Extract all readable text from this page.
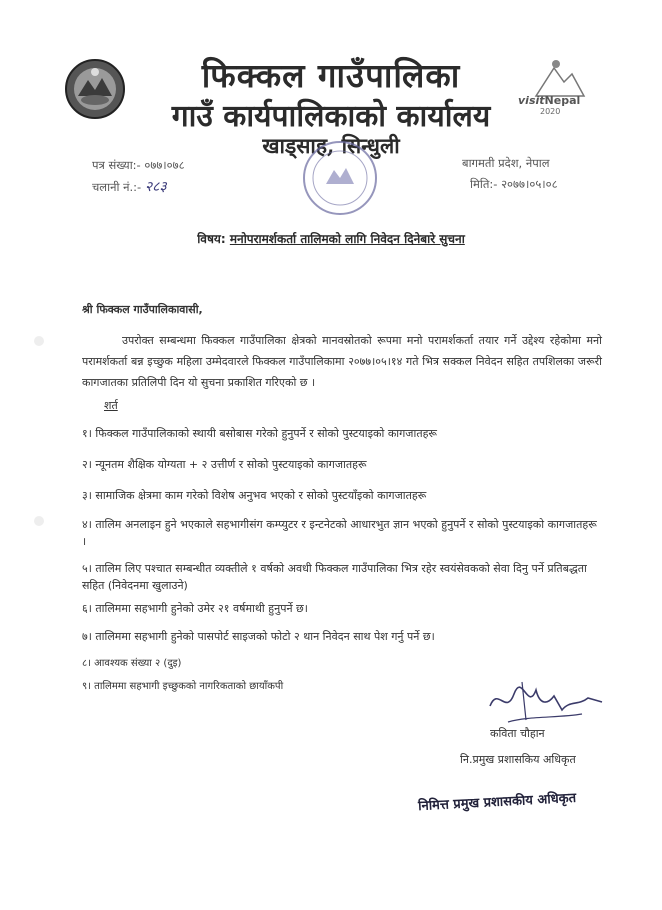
visitNepal
2020
फिक्कल गाउँपालिका
गाउँ कार्यपालिकाको कार्यालय
खाड्साह, सिन्धुली
पत्र संख्या:- ०७७।०७८
चलानी नं.:- २८३
बागमती प्रदेश, नेपाल
मिति:- २०७७।०५।०८
विषय: मनोपरामर्शकर्ता तालिमको लागि निवेदन दिनेबारे सुचना
श्री फिक्कल गाउँपालिकावासी,
उपरोक्त सम्बन्धमा फिक्कल गाउँपालिका क्षेत्रको मानवस्रोतको रूपमा मनो परामर्शकर्ता तयार गर्ने उद्देश्य रहेकोमा मनो परामर्शकर्ता बन्न इच्छुक महिला उम्मेदवारले फिक्कल गाउँपालिकामा २०७७।०५।१४ गते भित्र सक्कल निवेदन सहित तपशिलका जरूरी कागजातका प्रतिलिपी दिन यो सुचना प्रकाशित गरिएको छ ।
शर्त
१। फिक्कल गाउँपालिकाको स्थायी बसोबास गरेको हुनुपर्ने र सोको पुस्टयाइको कागजातहरू
२। न्यूनतम शैक्षिक योग्यता + २ उत्तीर्ण र सोको पुस्टयाइको कागजातहरू
३। सामाजिक क्षेत्रमा काम गरेको विशेष अनुभव भएको र सोको पुस्टयाँइको कागजातहरू
४। तालिम अनलाइन हुने भएकाले सहभागीसंग कम्प्युटर र इन्टनेटको आधारभुत ज्ञान भएको हुनुपर्ने र सोको पुस्टयाइको कागजातहरू ।
५। तालिम लिए पश्चात सम्बन्धीत व्यक्तीले १ वर्षको अवधी फिक्कल गाउँपालिका भित्र रहेर स्वयंसेवकको सेवा दिनु पर्ने प्रतिबद्धता सहित (निवेदनमा खुलाउने)
६। तालिममा सहभागी हुनेको उमेर २१ वर्षमाथी हुनुपर्ने छ।
७। तालिममा सहभागी हुनेको पासपोर्ट साइजको फोटो २ थान निवेदन साथ पेश गर्नु पर्ने छ।
८। आवश्यक संख्या २ (दुइ)
९। तालिममा सहभागी इच्छुकको नागरिकताको छायाँकपी
कविता चौहान
नि.प्रमुख प्रशासकिय अधिकृत
निमित्त प्रमुख प्रशासकीय अधिकृत
